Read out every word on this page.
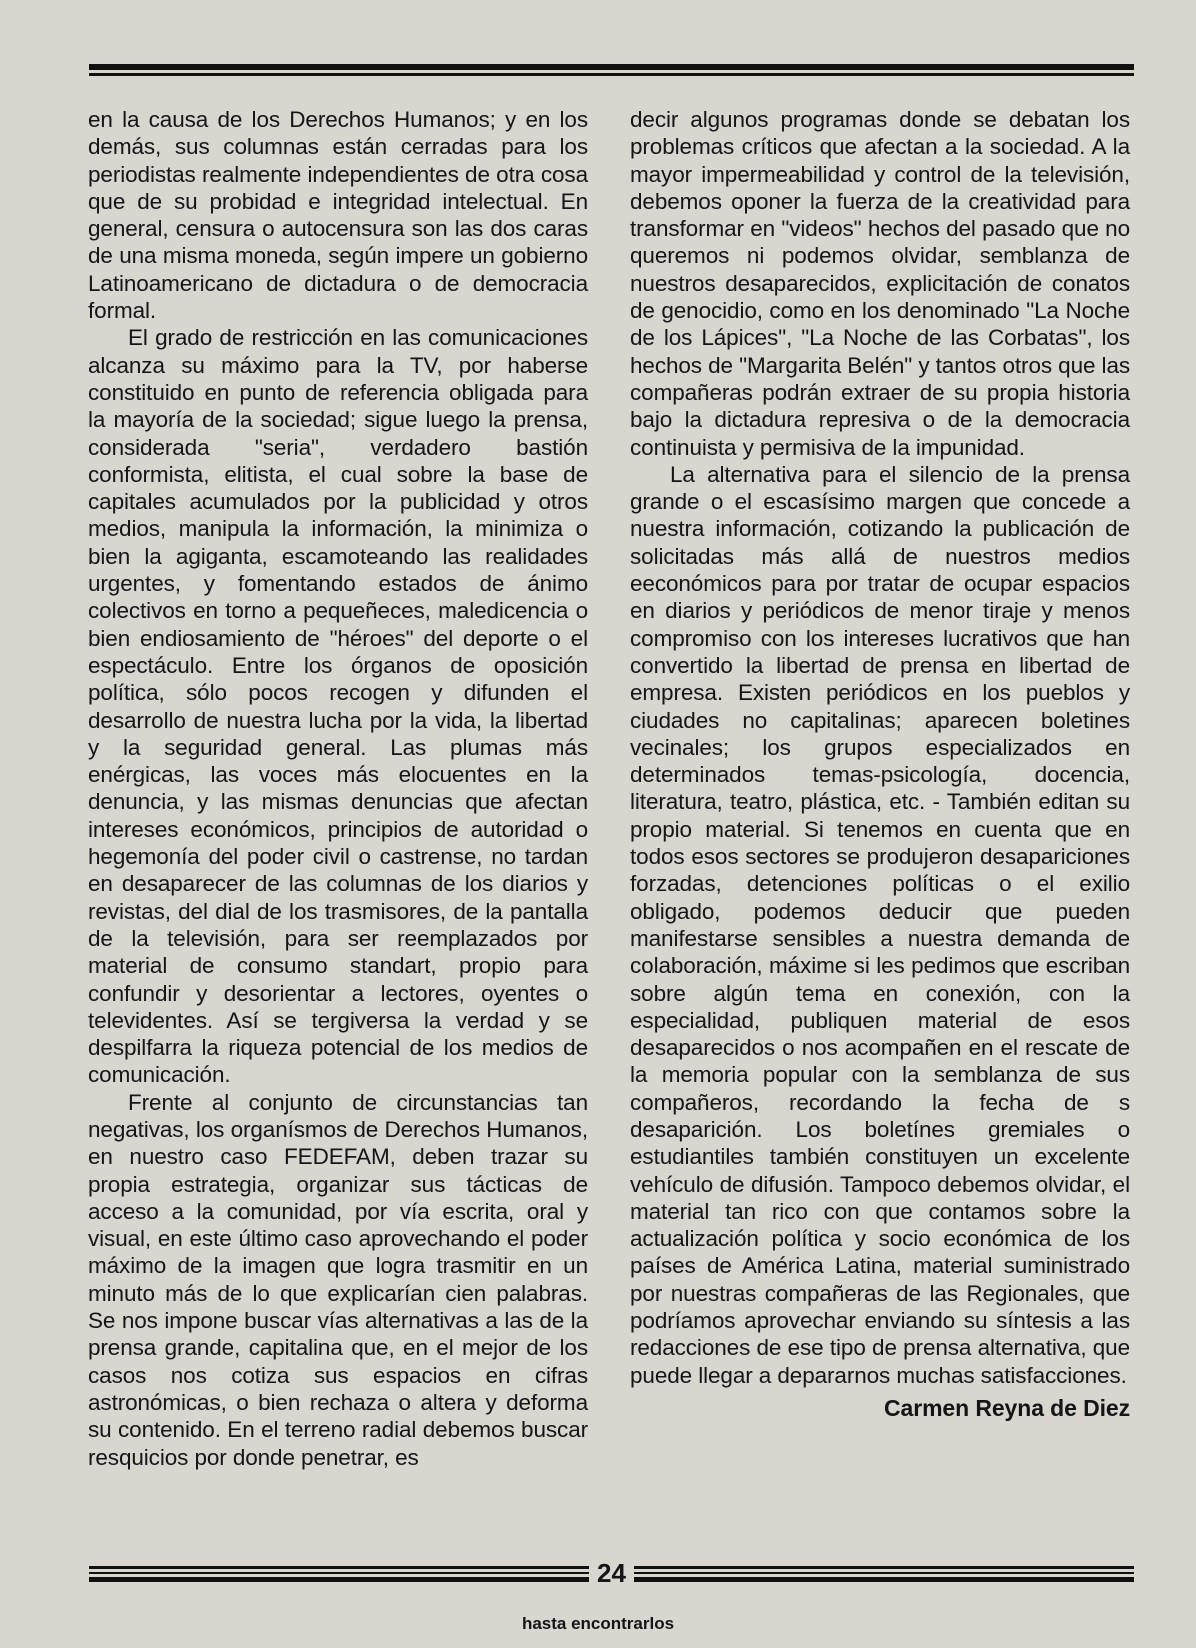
en la causa de los Derechos Humanos; y en los demás, sus columnas están cerradas para los periodistas realmente independientes de otra cosa que de su probidad e integridad intelectual. En general, censura o autocensura son las dos caras de una misma moneda, según impere un gobierno Latinoamericano de dictadura o de democracia formal.

El grado de restricción en las comunicaciones alcanza su máximo para la TV, por haberse constituido en punto de referencia obligada para la mayoría de la sociedad; sigue luego la prensa, considerada "seria", verdadero bastión conformista, elitista, el cual sobre la base de capitales acumulados por la publicidad y otros medios, manipula la información, la minimiza o bien la agiganta, escamoteando las realidades urgentes, y fomentando estados de ánimo colectivos en torno a pequeñeces, maledicencia o bien endiosamiento de "héroes" del deporte o el espectáculo. Entre los órganos de oposición política, sólo pocos recogen y difunden el desarrollo de nuestra lucha por la vida, la libertad y la seguridad general. Las plumas más enérgicas, las voces más elocuentes en la denuncia, y las mismas denuncias que afectan intereses económicos, principios de autoridad o hegemonía del poder civil o castrense, no tardan en desaparecer de las columnas de los diarios y revistas, del dial de los trasmisores, de la pantalla de la televisión, para ser reemplazados por material de consumo standart, propio para confundir y desorientar a lectores, oyentes o televidentes. Así se tergiversa la verdad y se despilfarra la riqueza potencial de los medios de comunicación.

Frente al conjunto de circunstancias tan negativas, los organísmos de Derechos Humanos, en nuestro caso FEDEFAM, deben trazar su propia estrategia, organizar sus tácticas de acceso a la comunidad, por vía escrita, oral y visual, en este último caso aprovechando el poder máximo de la imagen que logra trasmitir en un minuto más de lo que explicarían cien palabras. Se nos impone buscar vías alternativas a las de la prensa grande, capitalina que, en el mejor de los casos nos cotiza sus espacios en cifras astronómicas, o bien rechaza o altera y deforma su contenido. En el terreno radial debemos buscar resquicios por donde penetrar, es

decir algunos programas donde se debatan los problemas críticos que afectan a la sociedad. A la mayor impermeabilidad y control de la televisión, debemos oponer la fuerza de la creatividad para transformar en "videos" hechos del pasado que no queremos ni podemos olvidar, semblanza de nuestros desaparecidos, explicitación de conatos de genocidio, como en los denominado "La Noche de los Lápices", "La Noche de las Corbatas", los hechos de "Margarita Belén" y tantos otros que las compañeras podrán extraer de su propia historia bajo la dictadura represiva o de la democracia continuista y permisiva de la impunidad.

La alternativa para el silencio de la prensa grande o el escasísimo margen que concede a nuestra información, cotizando la publicación de solicitadas más allá de nuestros medios eeconómicos para por tratar de ocupar espacios en diarios y periódicos de menor tiraje y menos compromiso con los intereses lucrativos que han convertido la libertad de prensa en libertad de empresa. Existen periódicos en los pueblos y ciudades no capitalinas; aparecen boletines vecinales; los grupos especializados en determinados temas-psicología, docencia, literatura, teatro, plástica, etc. - También editan su propio material. Si tenemos en cuenta que en todos esos sectores se produjeron desapariciones forzadas, detenciones políticas o el exilio obligado, podemos deducir que pueden manifestarse sensibles a nuestra demanda de colaboración, máxime si les pedimos que escriban sobre algún tema en conexión, con la especialidad, publiquen material de esos desaparecidos o nos acompañen en el rescate de la memoria popular con la semblanza de sus compañeros, recordando la fecha de s desaparición. Los boletínes gremiales o estudiantiles también constituyen un excelente vehículo de difusión. Tampoco debemos olvidar, el material tan rico con que contamos sobre la actualización política y socio económica de los países de América Latina, material suministrado por nuestras compañeras de las Regionales, que podríamos aprovechar enviando su síntesis a las redacciones de ese tipo de prensa alternativa, que puede llegar a depararnos muchas satisfacciones.

Carmen Reyna de Diez
24
hasta encontrarlos
